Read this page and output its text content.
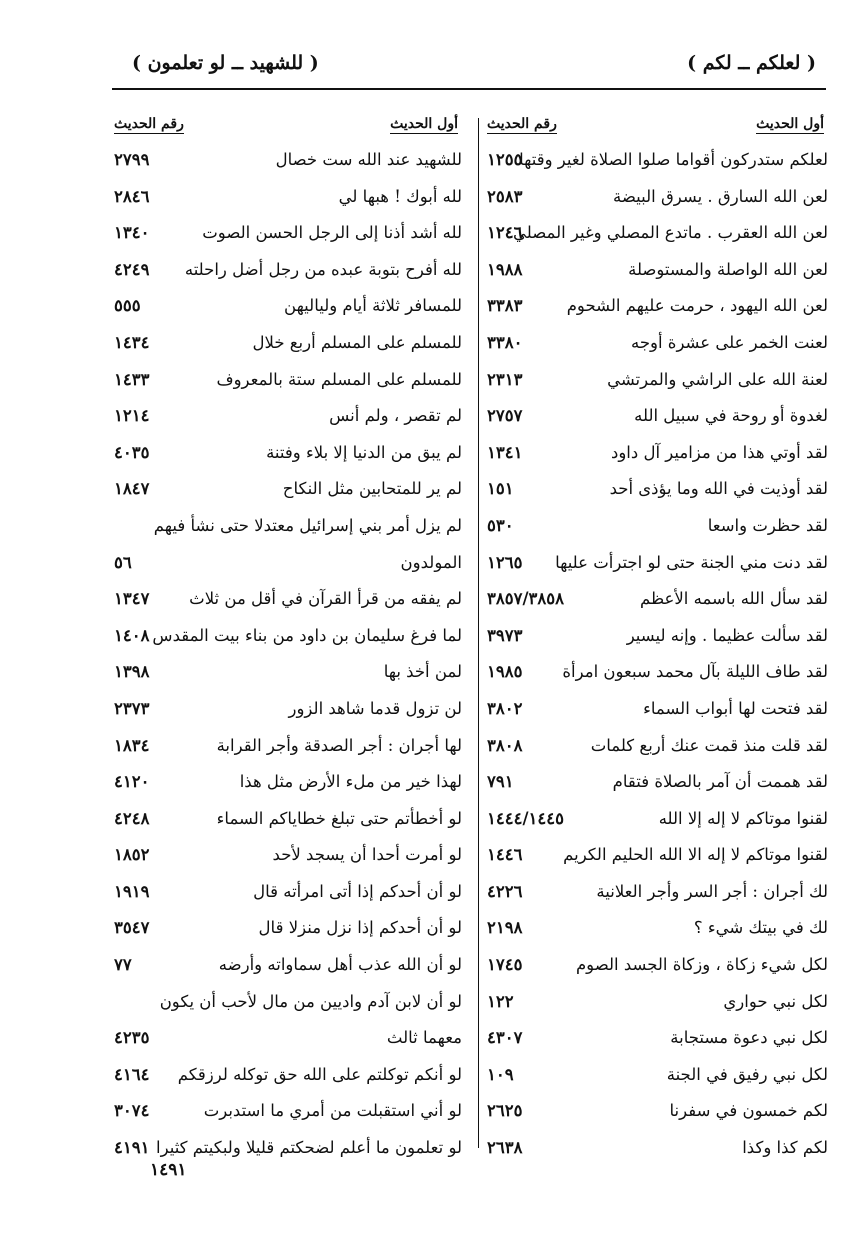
( لعلكم ــ لكم )
( للشهيد ــ لو تعلمون )
أول الحديث
رقم الحديث
لعلكم ستدركون أقواما صلوا الصلاة لغير وقتها
١٢٥٥
لعن الله السارق . يسرق البيضة
٢٥٨٣
لعن الله العقرب . ماتدع المصلي وغير المصلي
١٢٤٦
لعن الله الواصلة والمستوصلة
١٩٨٨
لعن الله اليهود ، حرمت عليهم الشحوم
٣٣٨٣
لعنت الخمر على عشرة أوجه
٣٣٨٠
لعنة الله على الراشي والمرتشي
٢٣١٣
لغدوة أو روحة في سبيل الله
٢٧٥٧
لقد أوتي هذا من مزامير آل داود
١٣٤١
لقد أوذيت في الله وما يؤذى أحد
١٥١
لقد حظرت واسعا
٥٣٠
لقد دنت مني الجنة حتى لو اجترأت عليها
١٢٦٥
لقد سأل الله باسمه الأعظم
٣٨٥٧/٣٨٥٨
لقد سألت عظيما . وإنه ليسير
٣٩٧٣
لقد طاف الليلة بآل محمد سبعون امرأة
١٩٨٥
لقد فتحت لها أبواب السماء
٣٨٠٢
لقد قلت منذ قمت عنك أربع كلمات
٣٨٠٨
لقد هممت أن آمر بالصلاة فتقام
٧٩١
لقنوا موتاكم لا إله إلا الله
١٤٤٤/١٤٤٥
لقنوا موتاكم لا إله الا الله الحليم الكريم
١٤٤٦
لك أجران : أجر السر وأجر العلانية
٤٢٢٦
لك في بيتك شيء ؟
٢١٩٨
لكل شيء زكاة ، وزكاة الجسد الصوم
١٧٤٥
لكل نبي حواري
١٢٢
لكل نبي دعوة مستجابة
٤٣٠٧
لكل نبي رفيق في الجنة
١٠٩
لكم خمسون في سفرنا
٢٦٢٥
لكم كذا وكذا
٢٦٣٨
أول الحديث
رقم الحديث
للشهيد عند الله ست خصال
٢٧٩٩
لله أبوك ! هبها لي
٢٨٤٦
لله أشد أذنا إلى الرجل الحسن الصوت
١٣٤٠
لله أفرح بتوبة عبده من رجل أضل راحلته
٤٢٤٩
للمسافر ثلاثة أيام ولياليهن
٥٥٥
للمسلم على المسلم أربع خلال
١٤٣٤
للمسلم على المسلم ستة بالمعروف
١٤٣٣
لم تقصر ، ولم أنس
١٢١٤
لم يبق من الدنيا إلا بلاء وفتنة
٤٠٣٥
لم ير للمتحابين مثل النكاح
١٨٤٧
لم يزل أمر بني إسرائيل معتدلا حتى نشأ فيهم
المولدون
٥٦
لم يفقه من قرأ القرآن في أقل من ثلاث
١٣٤٧
لما فرغ سليمان بن داود من بناء بيت المقدس
١٤٠٨
لمن أخذ بها
١٣٩٨
لن تزول قدما شاهد الزور
٢٣٧٣
لها أجران : أجر الصدقة وأجر القرابة
١٨٣٤
لهذا خير من ملء الأرض مثل هذا
٤١٢٠
لو أخطأتم حتى تبلغ خطاياكم السماء
٤٢٤٨
لو أمرت أحدا أن يسجد لأحد
١٨٥٢
لو أن أحدكم إذا أتى امرأته قال
١٩١٩
لو أن أحدكم إذا نزل منزلا قال
٣٥٤٧
لو أن الله عذب أهل سماواته وأرضه
٧٧
لو أن لابن آدم واديين من مال لأحب أن يكون
معهما ثالث
٤٢٣٥
لو أنكم توكلتم على الله حق توكله لرزقكم
٤١٦٤
لو أني استقبلت من أمري ما استدبرت
٣٠٧٤
لو تعلمون ما أعلم لضحكتم قليلا ولبكيتم كثيرا
٤١٩١
١٤٩١
